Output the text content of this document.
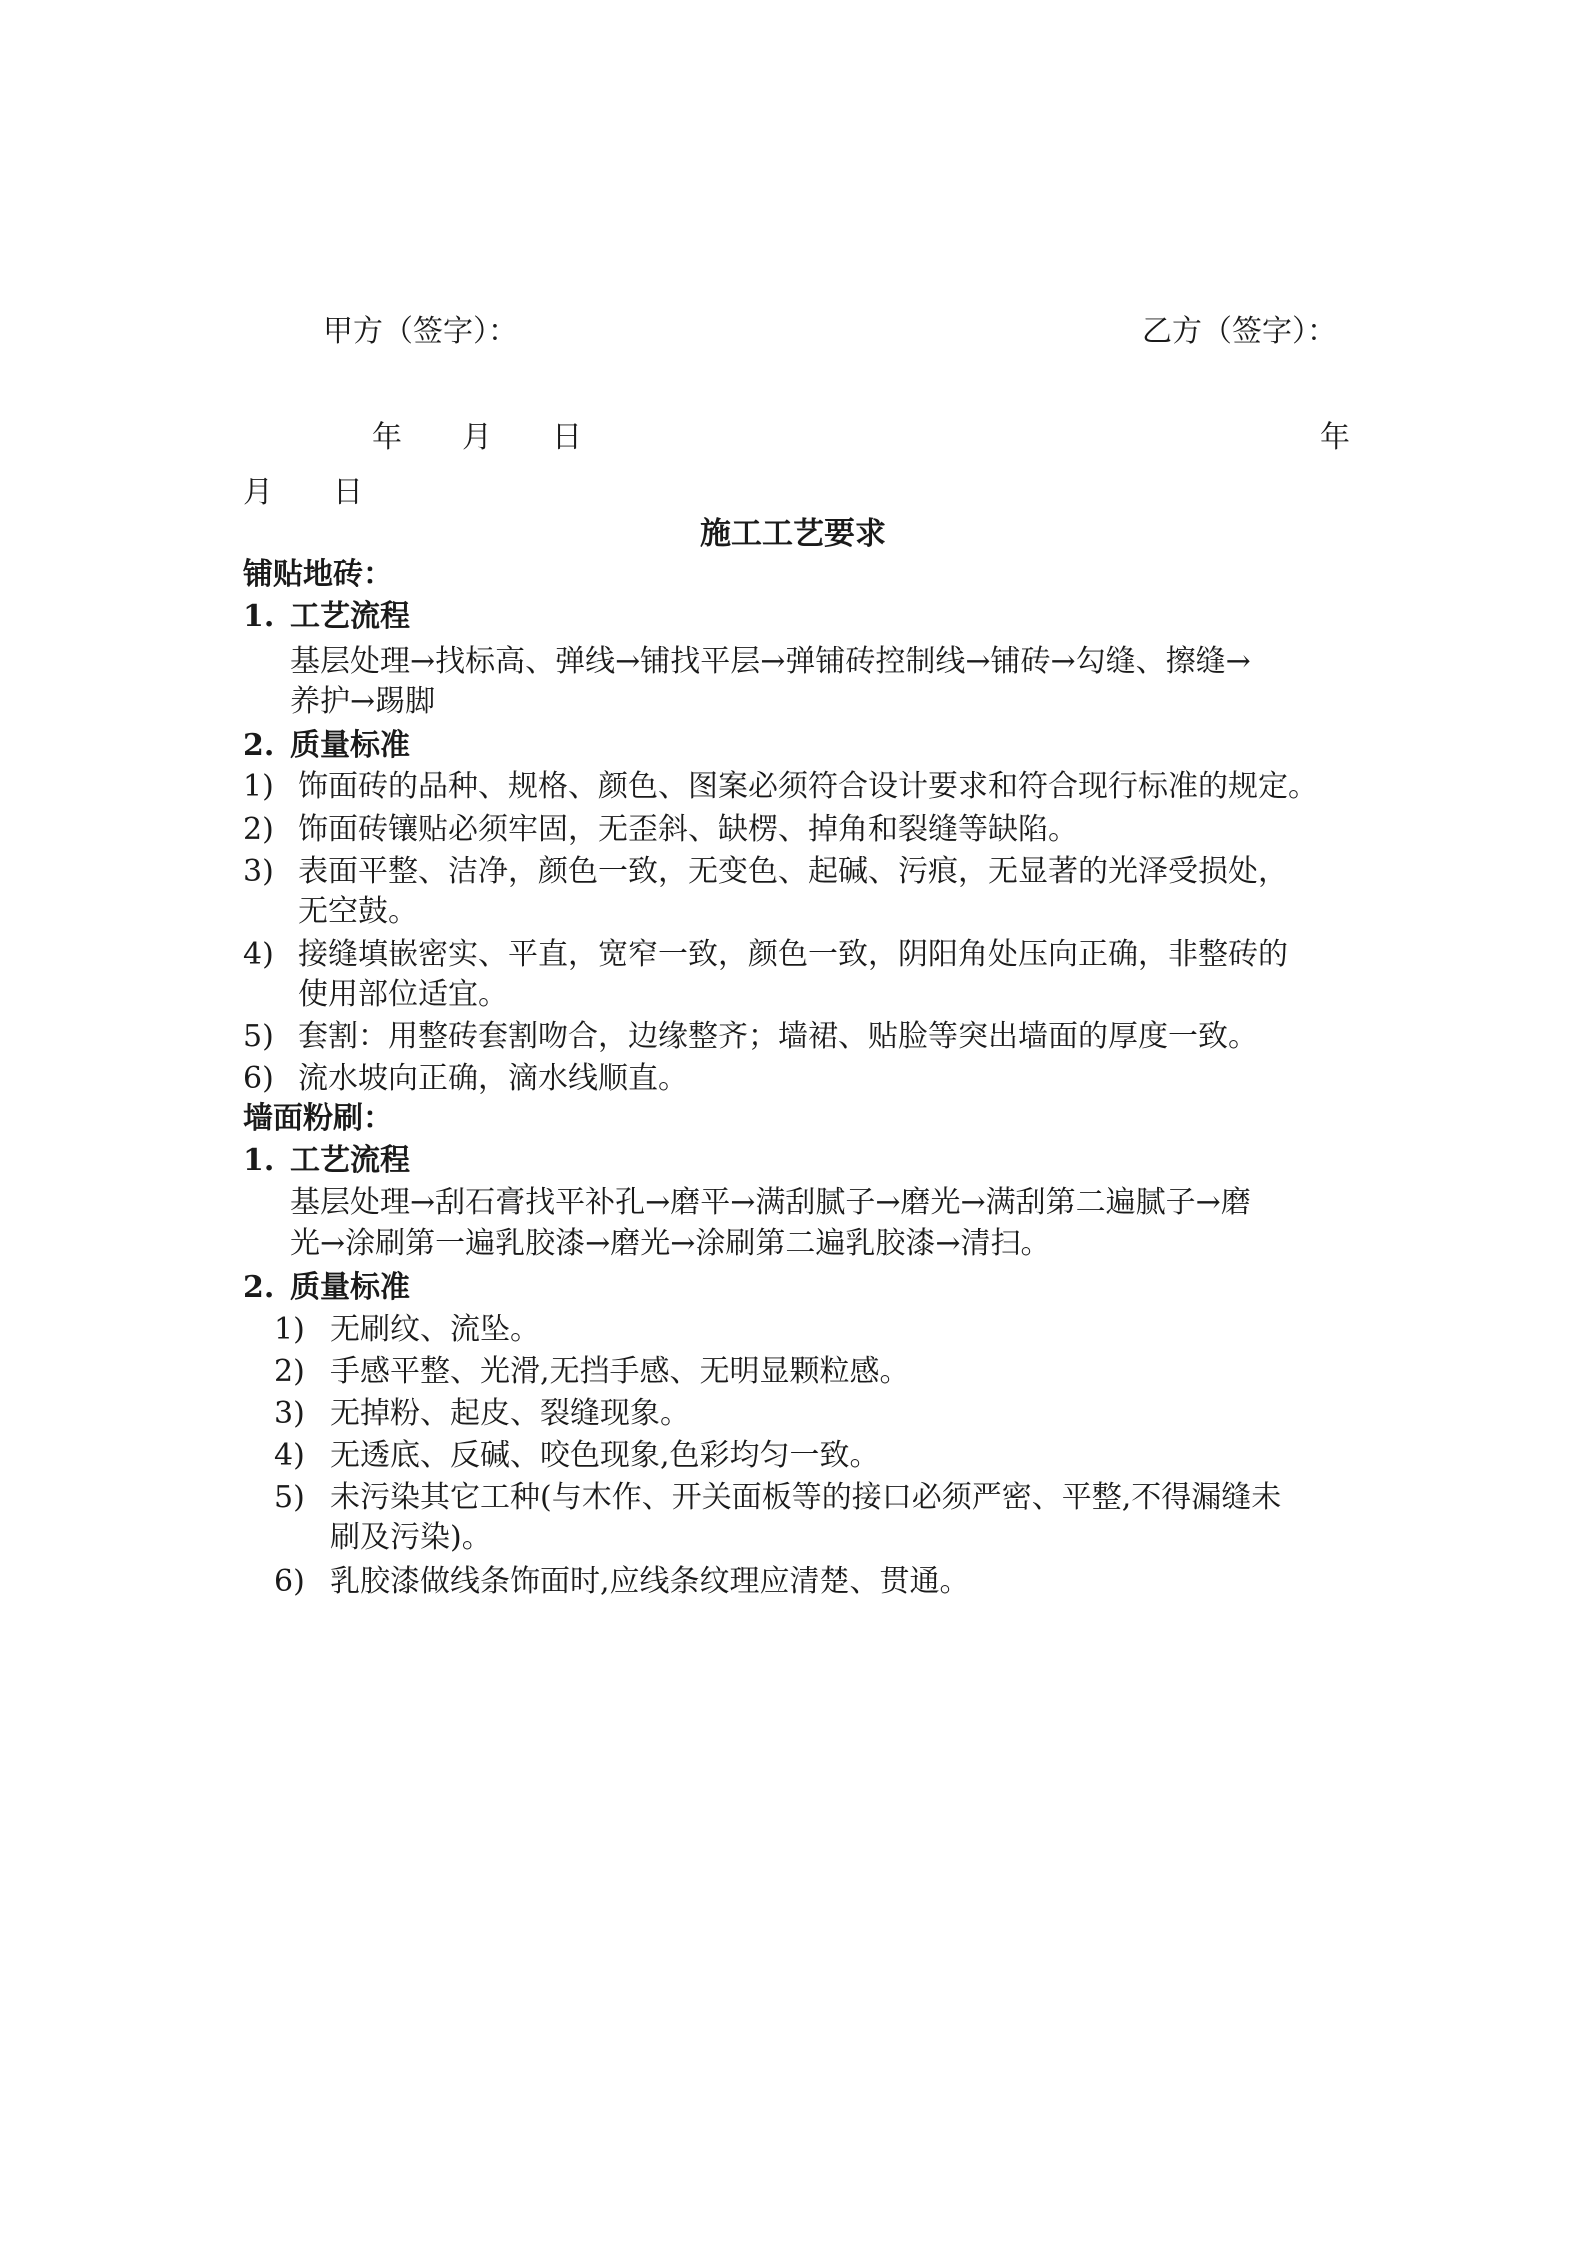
甲方（签字）：	乙方（签字）：
年　　月　　日	年
月　　日
施工工艺要求
铺贴地砖：
1. 工艺流程
基层处理→找标高、弹线→铺找平层→弹铺砖控制线→铺砖→勾缝、擦缝→
养护→踢脚
2. 质量标准
1) 饰面砖的品种、规格、颜色、图案必须符合设计要求和符合现行标准的规定。
2) 饰面砖镶贴必须牢固，无歪斜、缺楞、掉角和裂缝等缺陷。
3) 表面平整、洁净，颜色一致，无变色、起碱、污痕，无显著的光泽受损处，
无空鼓。
4) 接缝填嵌密实、平直，宽窄一致，颜色一致，阴阳角处压向正确，非整砖的
使用部位适宜。
5) 套割：用整砖套割吻合，边缘整齐；墙裙、贴脸等突出墙面的厚度一致。
6) 流水坡向正确，滴水线顺直。
墙面粉刷：
1. 工艺流程
基层处理→刮石膏找平补孔→磨平→满刮腻子→磨光→满刮第二遍腻子→磨
光→涂刷第一遍乳胶漆→磨光→涂刷第二遍乳胶漆→清扫。
2. 质量标准
1) 无刷纹、流坠。
2) 手感平整、光滑,无挡手感、无明显颗粒感。
3) 无掉粉、起皮、裂缝现象。
4) 无透底、反碱、咬色现象,色彩均匀一致。
5) 未污染其它工种(与木作、开关面板等的接口必须严密、平整,不得漏缝未
刷及污染)。
6) 乳胶漆做线条饰面时,应线条纹理应清楚、贯通。
